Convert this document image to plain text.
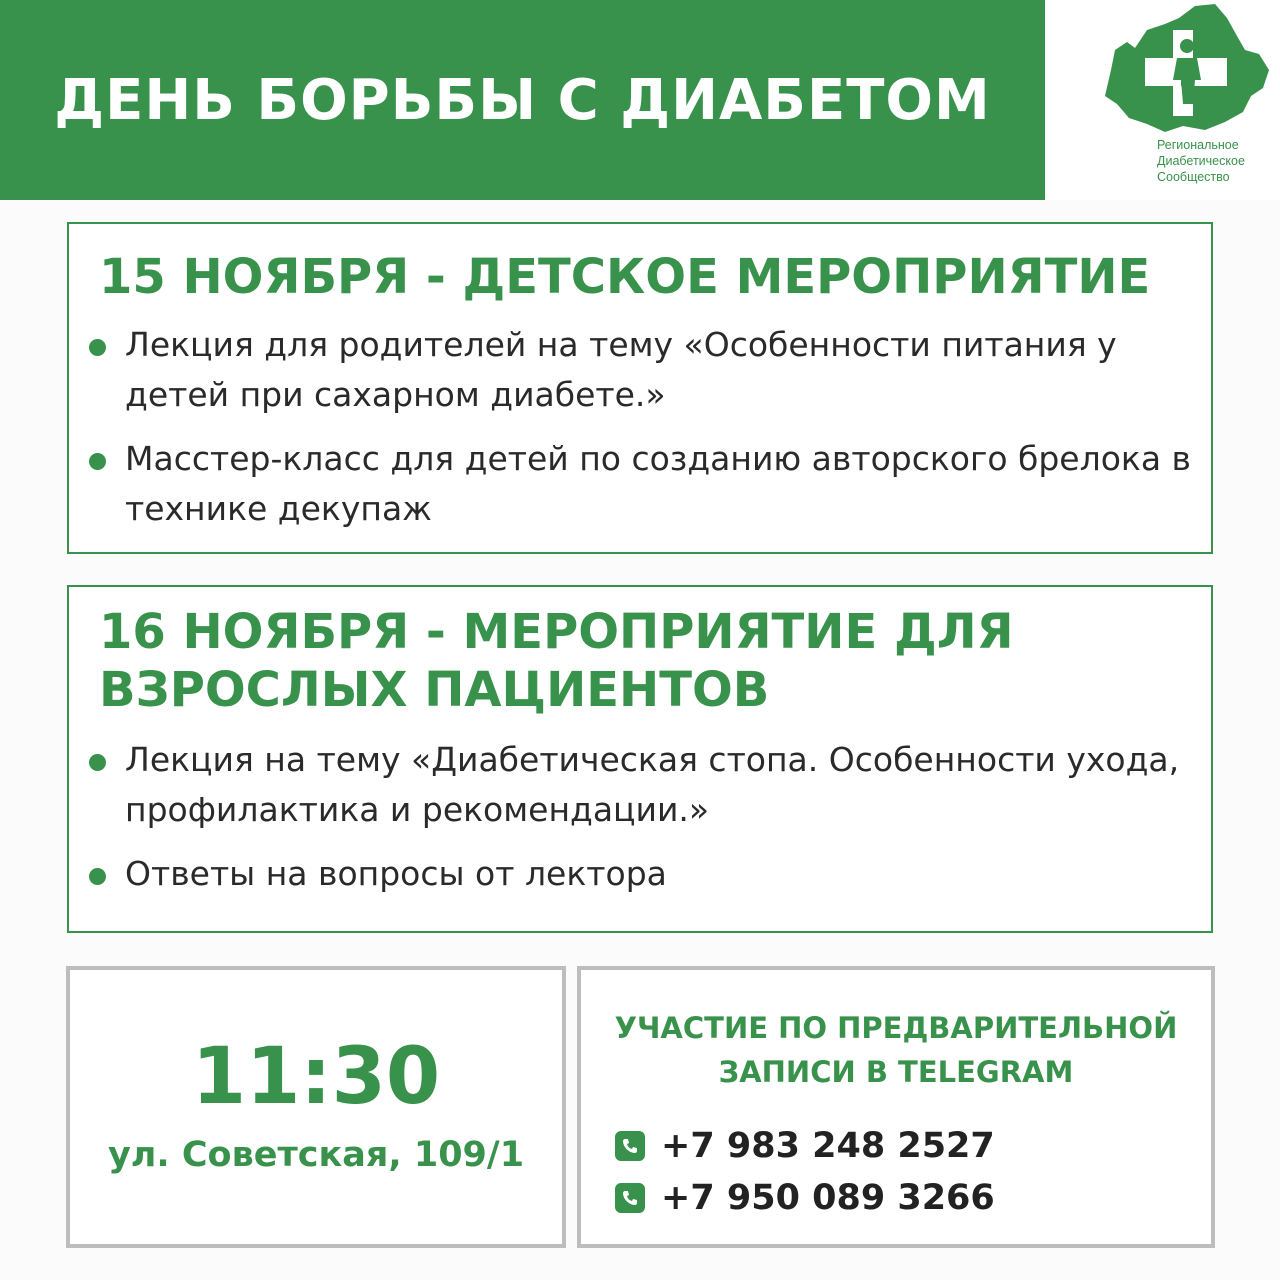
ДЕНЬ БОРЬБЫ С ДИАБЕТОМ
Региональное
Диабетическое
Сообщество
15 НОЯБРЯ - ДЕТСКОЕ МЕРОПРИЯТИЕ
Лекция для родителей на тему «Особенности питания у детей при сахарном диабете.»
Масстер-класс для детей по созданию авторского брелока в технике декупаж
16 НОЯБРЯ - МЕРОПРИЯТИЕ ДЛЯ ВЗРОСЛЫХ ПАЦИЕНТОВ
Лекция на тему «Диабетическая стопа. Особенности ухода, профилактика и рекомендации.»
Ответы на вопросы от лектора
11:30
ул. Советская, 109/1
УЧАСТИЕ ПО ПРЕДВАРИТЕЛЬНОЙ
ЗАПИСИ В TELEGRAM
+7 983 248 2527
+7 950 089 3266
